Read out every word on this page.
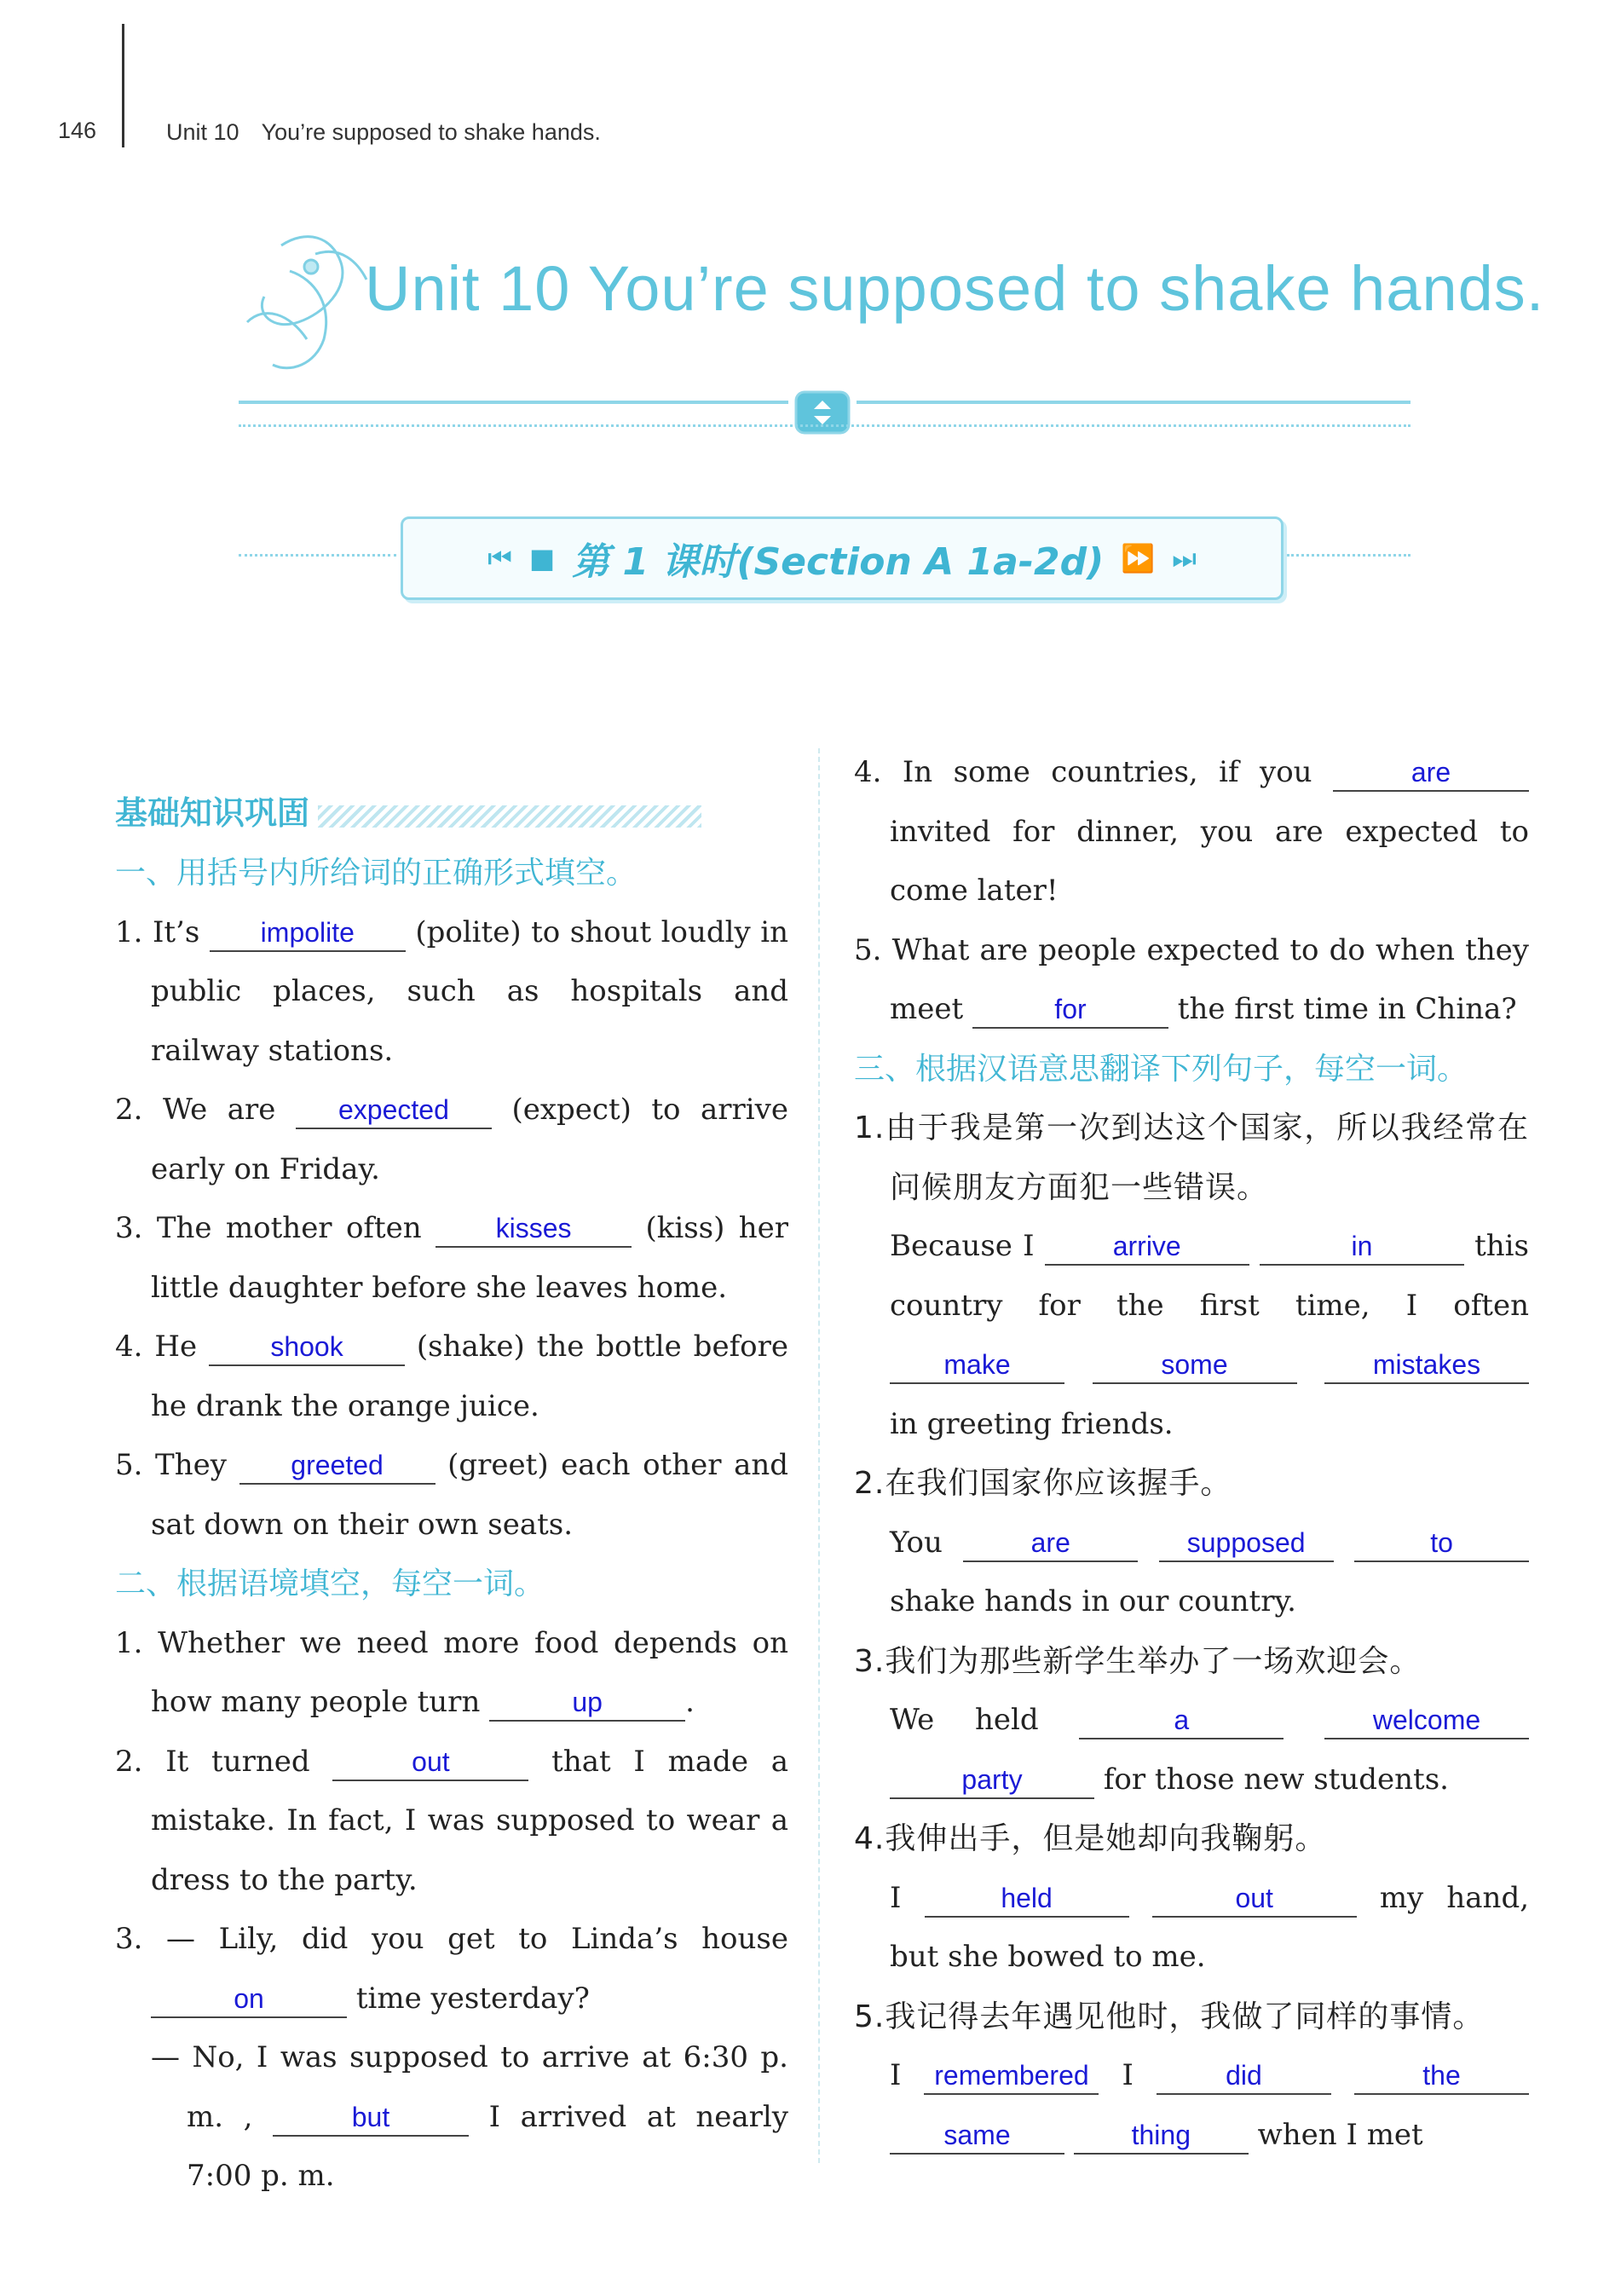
146	Unit 10 You’re supposed to shake hands.
Unit 10 You’re supposed to shake hands.
⏮ ■ 第 1 课时(Section A 1a-2d) ⏩ ⏭
基础知识巩固
一、用括号内所给词的正确形式填空。
1. It’s impolite (polite) to shout loudly in public places, such as hospitals and railway stations.
2. We are expected (expect) to arrive early on Friday.
3. The mother often	kisses	(kiss) her little daughter before she leaves home.
4. He	shook	(shake) the bottle before he drank the orange juice.
5. They greeted (greet) each other and sat down on their own seats.
二、根据语境填空，每空一词。
1. Whether we need more food depends on how many people turn	up	.
2. It turned	out	that I made a mistake. In fact, I was supposed to wear a dress to the party.
3. — Lily, did you get to Linda’s house on	time yesterday?
— No, I was supposed to arrive at 6:30 p. m. ,	but	I arrived at nearly 7:00 p. m.
4. In some countries, if you	are invited for dinner, you are expected to come later!
5. What are people expected to do when they meet	for	the first time in China?
三、根据汉语意思翻译下列句子，每空一词。
1.由于我是第一次到达这个国家，所以我经常在问候朋友方面犯一些错误。
Because I	arrive	in	this country for the first time, I often make	some	mistakes in greeting friends.
2.在我们国家你应该握手。
You	are	supposed	to shake hands in our country.
3.我们为那些新学生举办了一场欢迎会。
We held	a	welcome party	for those new students.
4.我伸出手，但是她却向我鞠躬。
I	held	out	my hand, but she bowed to me.
5.我记得去年遇见他时，我做了同样的事情。
I remembered I	did	the same	thing when I met
